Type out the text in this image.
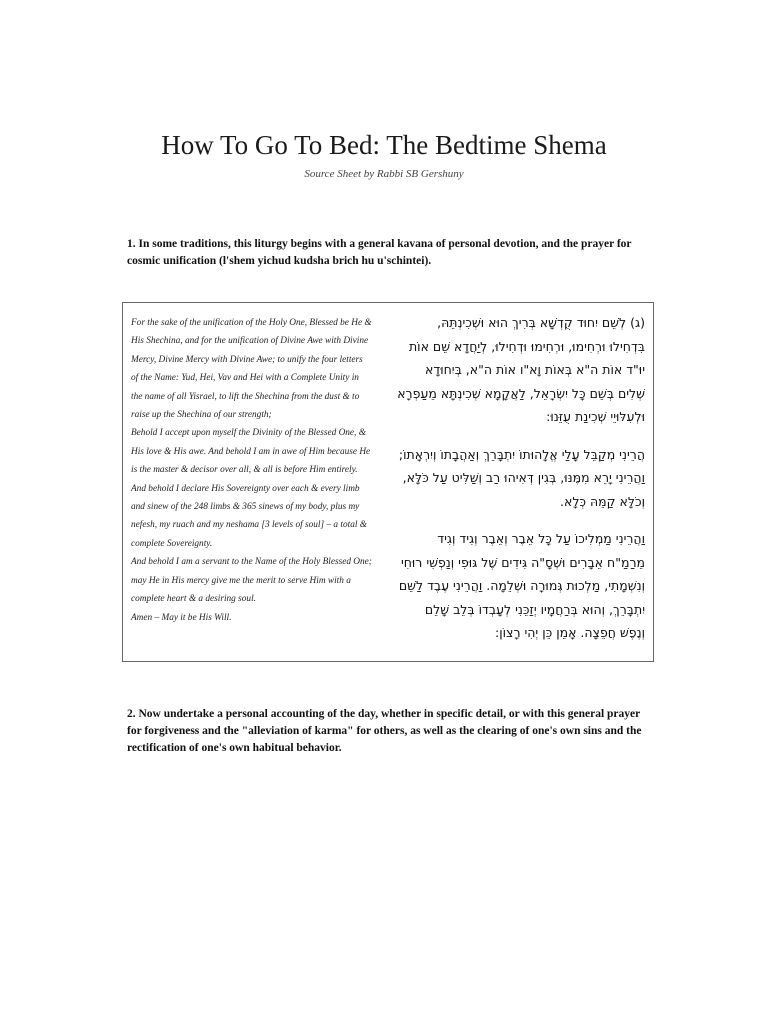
How To Go To Bed: The Bedtime Shema
Source Sheet by Rabbi SB Gershuny
1. In some traditions, this liturgy begins with a general kavana of personal devotion, and the prayer for cosmic unification (l'shem yichud kudsha brich hu u'schintei).
For the sake of the unification of the Holy One, Blessed be He & His Shechina, and for the unification of Divine Awe with Divine Mercy, Divine Mercy with Divine Awe; to unify the four letters of the Name: Yud, Hei, Vav and Hei with a Complete Unity in the name of all Yisrael, to lift the Shechina from the dust & to raise up the Shechina of our strength;
Behold I accept upon myself the Divinity of the Blessed One, & His love & His awe. And behold I am in awe of Him because He is the master & decisor over all, & all is before Him entirely.
And behold I declare His Sovereignty over each & every limb and sinew of the 248 limbs & 365 sinews of my body, plus my nefesh, my ruach and my neshama [3 levels of soul] – a total & complete Sovereignty.
And behold I am a servant to the Name of the Holy Blessed One; may He in His mercy give me the merit to serve Him with a complete heart & a desiring soul.
Amen – May it be His Will.
(ג) לְשֵׁם יִחוּד קֻדְשָׁא בְּרִיךְ הוּא וּשְׁכִינְתֵּהּ,
בִּדְחִילוּ וּרְחִימוּ, וּרְחִימוּ וּדְחִילוּ, לְיַחֲדָא שֵׁם אוֹת
יוּ"ד אוֹת ה"א בְּאוֹת וָא"ו אוֹת ה"א, בְּיִחוּדָא
שְׁלִים בְּשֵׁם כָּל יִשְׂרָאֵל, לַאֲקָמָא שְׁכִינְתָּא מֵעַפְרָא
וּלְעִלּוּיֵי שְׁכִינַת עֻזֵּנוּ:
הֲרֵינִי מְקַבֵּל עָלַי אֱלָהוּתוֹ יִתְבָּרֵךְ וְאַהֲבָתוֹ וְיִרְאָתוֹ;
וַהֲרֵינִי יָרֵא מִמֶּנּוּ, בְּגִין דְּאִיהוּ רַב וְשַׁלִּיט עַל כֹּלָּא,
וְכֹלָּא קַמֵּהּ כְּלָא.
וַהֲרֵינִי מַמְלִיכוֹ עַל כָּל אֵבֶר וְאֵבֶר וְגִיד וְגִיד
מֵרַמַ"ח אֵבָרִים וּשְׁסָ"ה גִּידִים שֶׁל גּוּפִי וְנַפְשִׁי רוּחִי
וְנִשְׁמָתִי, מַלְכוּת גְּמוּרָה וּשְׁלֵמָה. וַהֲרֵינִי עֶבֶד לַשֵּׁם
יִתְבָּרֵךְ, וְהוּא בְּרַחֲמָיו יְזַכֵּנִי לְעָבְדוֹ בְּלֵב שָׁלֵם
וְנֶפֶשׁ חֲפֵצָה. אָמֵן כֵּן יְהִי רָצוֹן:
2. Now undertake a personal accounting of the day, whether in specific detail, or with this general prayer for forgiveness and the "alleviation of karma" for others, as well as the clearing of one's own sins and the rectification of one's own habitual behavior.
